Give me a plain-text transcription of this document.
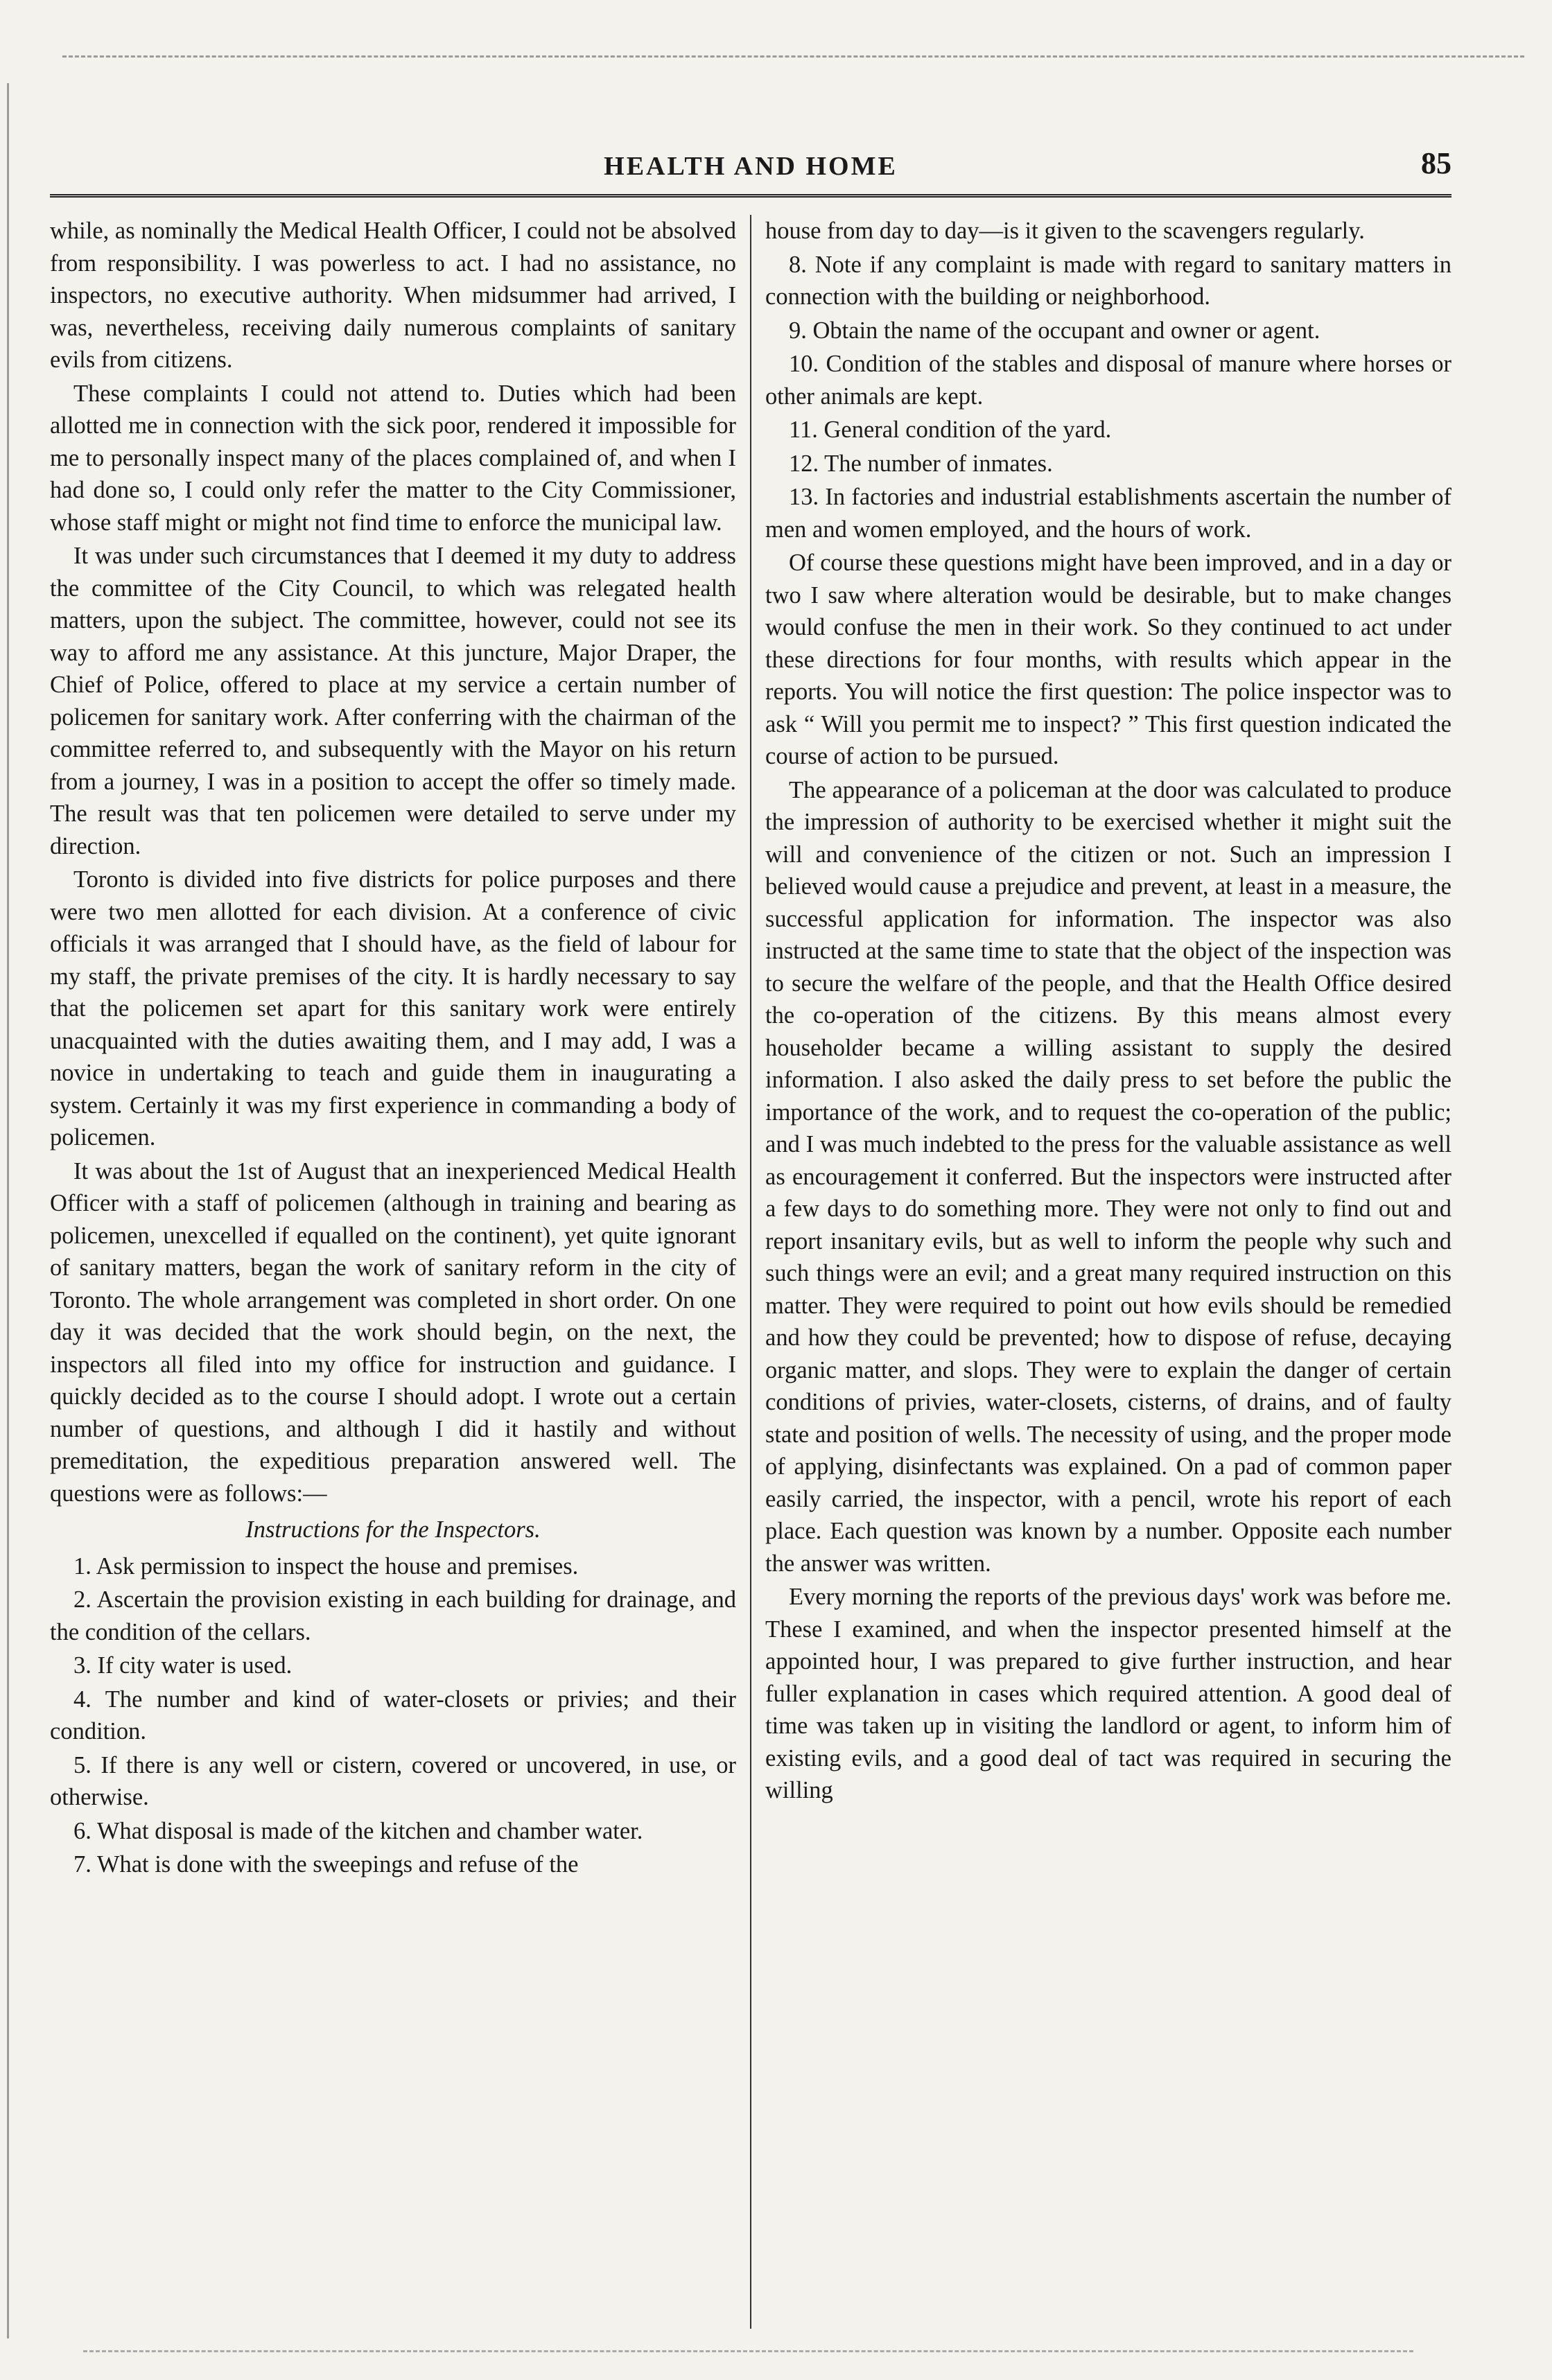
HEALTH AND HOME	85

while, as nominally the Medical Health Officer, I could not be absolved from responsibility. I was powerless to act. I had no assistance, no inspectors, no executive authority. When midsummer had arrived, I was, nevertheless, receiving daily numerous complaints of sanitary evils from citizens.

These complaints I could not attend to. Duties which had been allotted me in connection with the sick poor, rendered it impossible for me to personally inspect many of the places complained of, and when I had done so, I could only refer the matter to the City Commissioner, whose staff might or might not find time to enforce the municipal law.

It was under such circumstances that I deemed it my duty to address the committee of the City Council, to which was relegated health matters, upon the subject. The committee, however, could not see its way to afford me any assistance. At this juncture, Major Draper, the Chief of Police, offered to place at my service a certain number of policemen for sanitary work. After conferring with the chairman of the committee referred to, and subsequently with the Mayor on his return from a journey, I was in a position to accept the offer so timely made. The result was that ten policemen were detailed to serve under my direction.

Toronto is divided into five districts for police purposes and there were two men allotted for each division. At a conference of civic officials it was arranged that I should have, as the field of labour for my staff, the private premises of the city. It is hardly necessary to say that the policemen set apart for this sanitary work were entirely unacquainted with the duties awaiting them, and I may add, I was a novice in undertaking to teach and guide them in inaugurating a system. Certainly it was my first experience in commanding a body of policemen.

It was about the 1st of August that an inexperienced Medical Health Officer with a staff of policemen (although in training and bearing as policemen, unexcelled if equalled on the continent), yet quite ignorant of sanitary matters, began the work of sanitary reform in the city of Toronto. The whole arrangement was completed in short order. On one day it was decided that the work should begin, on the next, the inspectors all filed into my office for instruction and guidance. I quickly decided as to the course I should adopt. I wrote out a certain number of questions, and although I did it hastily and without premeditation, the expeditious preparation answered well. The questions were as follows:—

Instructions for the Inspectors.

1. Ask permission to inspect the house and premises.

2. Ascertain the provision existing in each building for drainage, and the condition of the cellars.

3. If city water is used.

4. The number and kind of water-closets or privies; and their condition.

5. If there is any well or cistern, covered or uncovered, in use, or otherwise.

6. What disposal is made of the kitchen and chamber water.

7. What is done with the sweepings and refuse of the

house from day to day—is it given to the scavengers regularly.

8. Note if any complaint is made with regard to sanitary matters in connection with the building or neighborhood.

9. Obtain the name of the occupant and owner or agent.

10. Condition of the stables and disposal of manure where horses or other animals are kept.

11. General condition of the yard.

12. The number of inmates.

13. In factories and industrial establishments ascertain the number of men and women employed, and the hours of work.

Of course these questions might have been improved, and in a day or two I saw where alteration would be desirable, but to make changes would confuse the men in their work. So they continued to act under these directions for four months, with results which appear in the reports. You will notice the first question: The police inspector was to ask “ Will you permit me to inspect? ” This first question indicated the course of action to be pursued.

The appearance of a policeman at the door was calculated to produce the impression of authority to be exercised whether it might suit the will and convenience of the citizen or not. Such an impression I believed would cause a prejudice and prevent, at least in a measure, the successful application for information. The inspector was also instructed at the same time to state that the object of the inspection was to secure the welfare of the people, and that the Health Office desired the co-operation of the citizens. By this means almost every householder became a willing assistant to supply the desired information. I also asked the daily press to set before the public the importance of the work, and to request the co-operation of the public; and I was much indebted to the press for the valuable assistance as well as encouragement it conferred. But the inspectors were instructed after a few days to do something more. They were not only to find out and report insanitary evils, but as well to inform the people why such and such things were an evil; and a great many required instruction on this matter. They were required to point out how evils should be remedied and how they could be prevented; how to dispose of refuse, decaying organic matter, and slops. They were to explain the danger of certain conditions of privies, water-closets, cisterns, of drains, and of faulty state and position of wells. The necessity of using, and the proper mode of applying, disinfectants was explained. On a pad of common paper easily carried, the inspector, with a pencil, wrote his report of each place. Each question was known by a number. Opposite each number the answer was written.

Every morning the reports of the previous days' work was before me. These I examined, and when the inspector presented himself at the appointed hour, I was prepared to give further instruction, and hear fuller explanation in cases which required attention. A good deal of time was taken up in visiting the landlord or agent, to inform him of existing evils, and a good deal of tact was required in securing the willing
